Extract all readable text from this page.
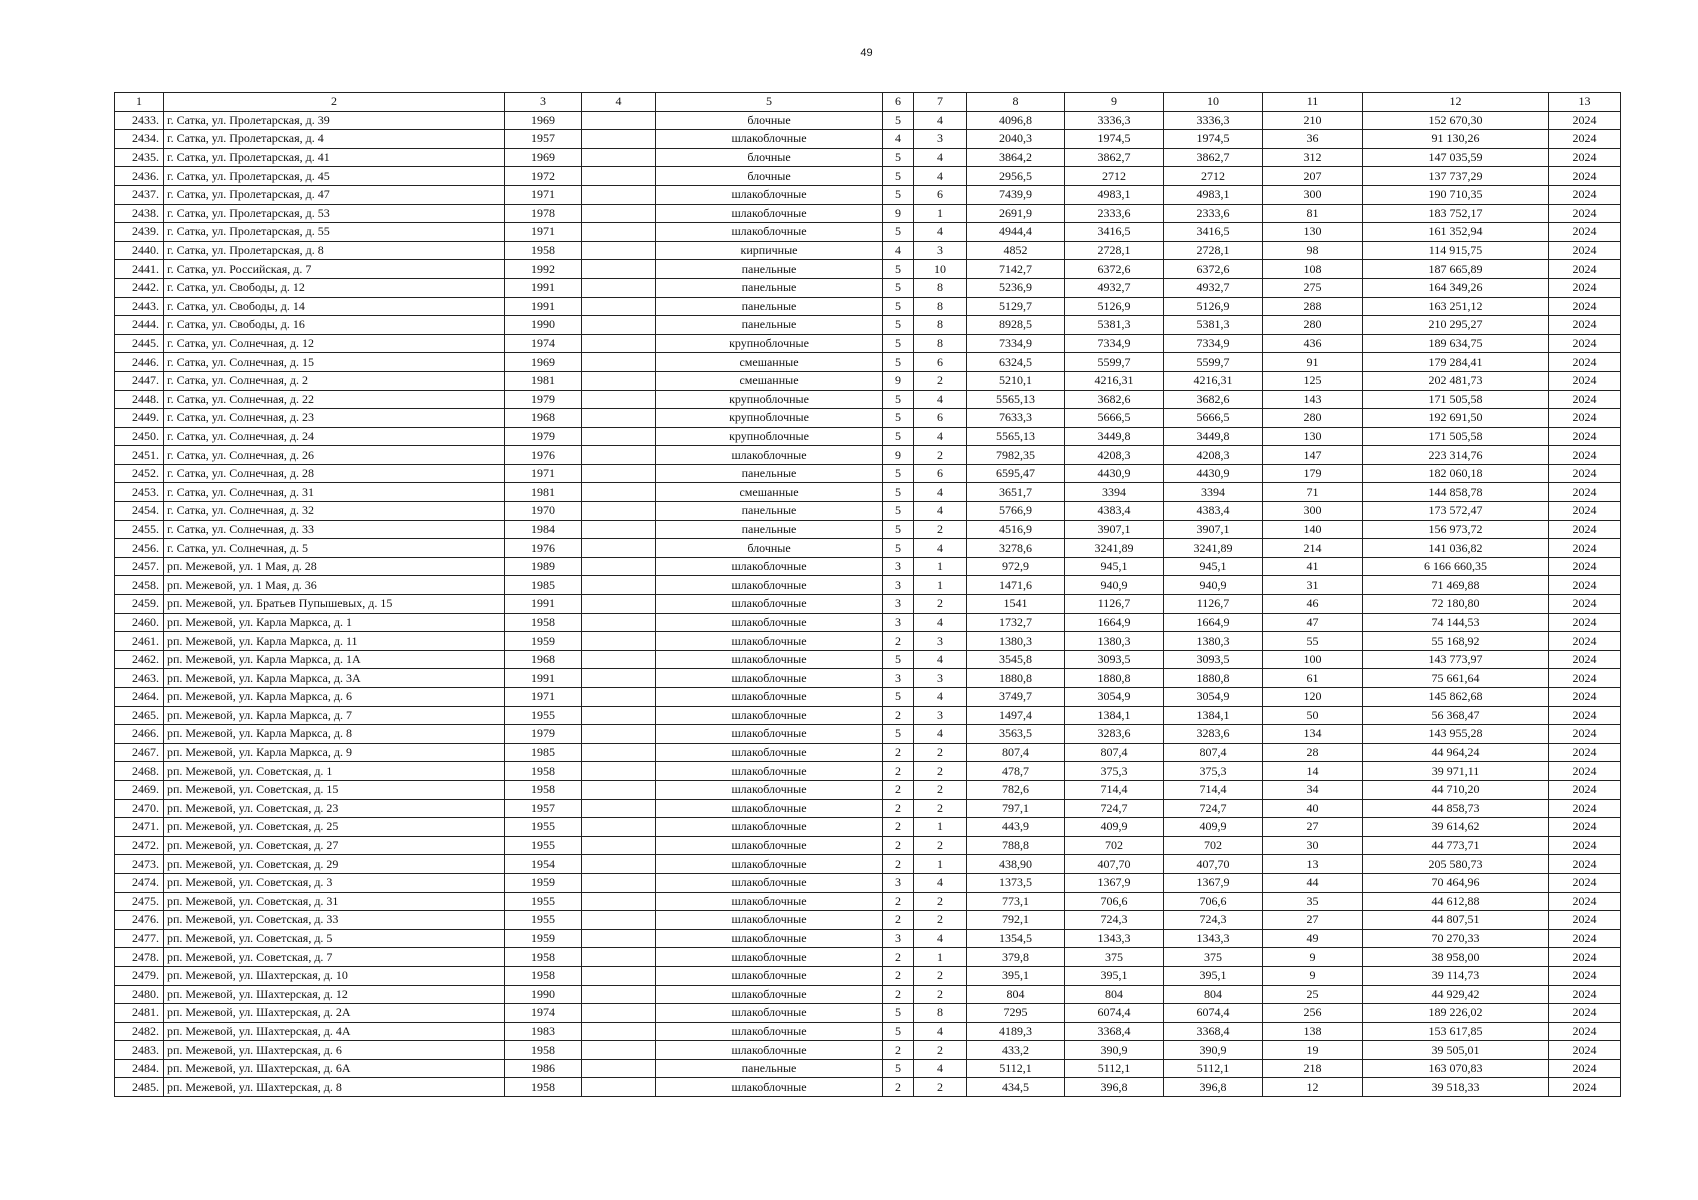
49
1	2	3	4	5	6	7	8	9	10	11	12	13
2433.	г. Сатка, ул. Пролетарская, д. 39	1969		блочные	5	4	4096,8	3336,3	3336,3	210	152 670,30	2024
2434.	г. Сатка, ул. Пролетарская, д. 4	1957		шлакоблочные	4	3	2040,3	1974,5	1974,5	36	91 130,26	2024
2435.	г. Сатка, ул. Пролетарская, д. 41	1969		блочные	5	4	3864,2	3862,7	3862,7	312	147 035,59	2024
2436.	г. Сатка, ул. Пролетарская, д. 45	1972		блочные	5	4	2956,5	2712	2712	207	137 737,29	2024
2437.	г. Сатка, ул. Пролетарская, д. 47	1971		шлакоблочные	5	6	7439,9	4983,1	4983,1	300	190 710,35	2024
2438.	г. Сатка, ул. Пролетарская, д. 53	1978		шлакоблочные	9	1	2691,9	2333,6	2333,6	81	183 752,17	2024
2439.	г. Сатка, ул. Пролетарская, д. 55	1971		шлакоблочные	5	4	4944,4	3416,5	3416,5	130	161 352,94	2024
2440.	г. Сатка, ул. Пролетарская, д. 8	1958		кирпичные	4	3	4852	2728,1	2728,1	98	114 915,75	2024
2441.	г. Сатка, ул. Российская, д. 7	1992		панельные	5	10	7142,7	6372,6	6372,6	108	187 665,89	2024
2442.	г. Сатка, ул. Свободы, д. 12	1991		панельные	5	8	5236,9	4932,7	4932,7	275	164 349,26	2024
2443.	г. Сатка, ул. Свободы, д. 14	1991		панельные	5	8	5129,7	5126,9	5126,9	288	163 251,12	2024
2444.	г. Сатка, ул. Свободы, д. 16	1990		панельные	5	8	8928,5	5381,3	5381,3	280	210 295,27	2024
2445.	г. Сатка, ул. Солнечная, д. 12	1974		крупноблочные	5	8	7334,9	7334,9	7334,9	436	189 634,75	2024
2446.	г. Сатка, ул. Солнечная, д. 15	1969		смешанные	5	6	6324,5	5599,7	5599,7	91	179 284,41	2024
2447.	г. Сатка, ул. Солнечная, д. 2	1981		смешанные	9	2	5210,1	4216,31	4216,31	125	202 481,73	2024
2448.	г. Сатка, ул. Солнечная, д. 22	1979		крупноблочные	5	4	5565,13	3682,6	3682,6	143	171 505,58	2024
2449.	г. Сатка, ул. Солнечная, д. 23	1968		крупноблочные	5	6	7633,3	5666,5	5666,5	280	192 691,50	2024
2450.	г. Сатка, ул. Солнечная, д. 24	1979		крупноблочные	5	4	5565,13	3449,8	3449,8	130	171 505,58	2024
2451.	г. Сатка, ул. Солнечная, д. 26	1976		шлакоблочные	9	2	7982,35	4208,3	4208,3	147	223 314,76	2024
2452.	г. Сатка, ул. Солнечная, д. 28	1971		панельные	5	6	6595,47	4430,9	4430,9	179	182 060,18	2024
2453.	г. Сатка, ул. Солнечная, д. 31	1981		смешанные	5	4	3651,7	3394	3394	71	144 858,78	2024
2454.	г. Сатка, ул. Солнечная, д. 32	1970		панельные	5	4	5766,9	4383,4	4383,4	300	173 572,47	2024
2455.	г. Сатка, ул. Солнечная, д. 33	1984		панельные	5	2	4516,9	3907,1	3907,1	140	156 973,72	2024
2456.	г. Сатка, ул. Солнечная, д. 5	1976		блочные	5	4	3278,6	3241,89	3241,89	214	141 036,82	2024
2457.	рп. Межевой, ул. 1 Мая, д. 28	1989		шлакоблочные	3	1	972,9	945,1	945,1	41	6 166 660,35	2024
2458.	рп. Межевой, ул. 1 Мая, д. 36	1985		шлакоблочные	3	1	1471,6	940,9	940,9	31	71 469,88	2024
2459.	рп. Межевой, ул. Братьев Пупышевых, д. 15	1991		шлакоблочные	3	2	1541	1126,7	1126,7	46	72 180,80	2024
2460.	рп. Межевой, ул. Карла Маркса, д. 1	1958		шлакоблочные	3	4	1732,7	1664,9	1664,9	47	74 144,53	2024
2461.	рп. Межевой, ул. Карла Маркса, д. 11	1959		шлакоблочные	2	3	1380,3	1380,3	1380,3	55	55 168,92	2024
2462.	рп. Межевой, ул. Карла Маркса, д. 1А	1968		шлакоблочные	5	4	3545,8	3093,5	3093,5	100	143 773,97	2024
2463.	рп. Межевой, ул. Карла Маркса, д. 3А	1991		шлакоблочные	3	3	1880,8	1880,8	1880,8	61	75 661,64	2024
2464.	рп. Межевой, ул. Карла Маркса, д. 6	1971		шлакоблочные	5	4	3749,7	3054,9	3054,9	120	145 862,68	2024
2465.	рп. Межевой, ул. Карла Маркса, д. 7	1955		шлакоблочные	2	3	1497,4	1384,1	1384,1	50	56 368,47	2024
2466.	рп. Межевой, ул. Карла Маркса, д. 8	1979		шлакоблочные	5	4	3563,5	3283,6	3283,6	134	143 955,28	2024
2467.	рп. Межевой, ул. Карла Маркса, д. 9	1985		шлакоблочные	2	2	807,4	807,4	807,4	28	44 964,24	2024
2468.	рп. Межевой, ул. Советская, д. 1	1958		шлакоблочные	2	2	478,7	375,3	375,3	14	39 971,11	2024
2469.	рп. Межевой, ул. Советская, д. 15	1958		шлакоблочные	2	2	782,6	714,4	714,4	34	44 710,20	2024
2470.	рп. Межевой, ул. Советская, д. 23	1957		шлакоблочные	2	2	797,1	724,7	724,7	40	44 858,73	2024
2471.	рп. Межевой, ул. Советская, д. 25	1955		шлакоблочные	2	1	443,9	409,9	409,9	27	39 614,62	2024
2472.	рп. Межевой, ул. Советская, д. 27	1955		шлакоблочные	2	2	788,8	702	702	30	44 773,71	2024
2473.	рп. Межевой, ул. Советская, д. 29	1954		шлакоблочные	2	1	438,90	407,70	407,70	13	205 580,73	2024
2474.	рп. Межевой, ул. Советская, д. 3	1959		шлакоблочные	3	4	1373,5	1367,9	1367,9	44	70 464,96	2024
2475.	рп. Межевой, ул. Советская, д. 31	1955		шлакоблочные	2	2	773,1	706,6	706,6	35	44 612,88	2024
2476.	рп. Межевой, ул. Советская, д. 33	1955		шлакоблочные	2	2	792,1	724,3	724,3	27	44 807,51	2024
2477.	рп. Межевой, ул. Советская, д. 5	1959		шлакоблочные	3	4	1354,5	1343,3	1343,3	49	70 270,33	2024
2478.	рп. Межевой, ул. Советская, д. 7	1958		шлакоблочные	2	1	379,8	375	375	9	38 958,00	2024
2479.	рп. Межевой, ул. Шахтерская, д. 10	1958		шлакоблочные	2	2	395,1	395,1	395,1	9	39 114,73	2024
2480.	рп. Межевой, ул. Шахтерская, д. 12	1990		шлакоблочные	2	2	804	804	804	25	44 929,42	2024
2481.	рп. Межевой, ул. Шахтерская, д. 2А	1974		шлакоблочные	5	8	7295	6074,4	6074,4	256	189 226,02	2024
2482.	рп. Межевой, ул. Шахтерская, д. 4А	1983		шлакоблочные	5	4	4189,3	3368,4	3368,4	138	153 617,85	2024
2483.	рп. Межевой, ул. Шахтерская, д. 6	1958		шлакоблочные	2	2	433,2	390,9	390,9	19	39 505,01	2024
2484.	рп. Межевой, ул. Шахтерская, д. 6А	1986		панельные	5	4	5112,1	5112,1	5112,1	218	163 070,83	2024
2485.	рп. Межевой, ул. Шахтерская, д. 8	1958		шлакоблочные	2	2	434,5	396,8	396,8	12	39 518,33	2024
